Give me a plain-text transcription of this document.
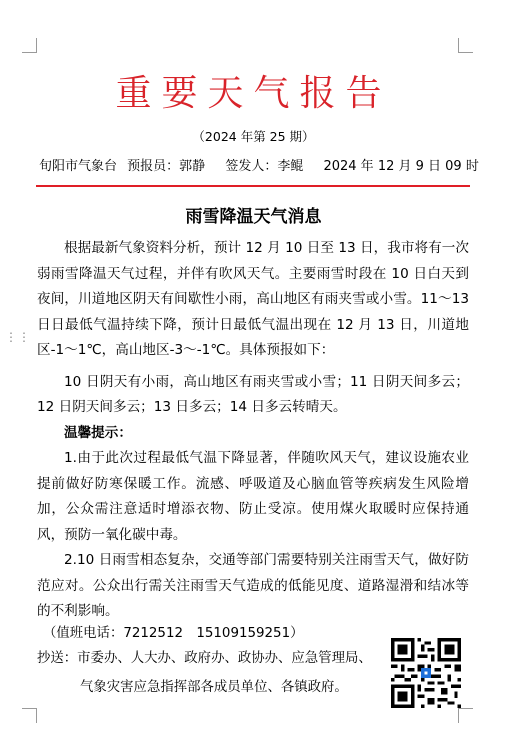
⋮⋮
重要天气报告
（2024 年第 25 期）
旬阳市气象台 预报员：郭静 签发人：李鲲 2024 年 12 月 9 日 09 时
雨雪降温天气消息

根据最新气象资料分析，预计 12 月 10 日至 13 日，我市将有一次弱雨雪降温天气过程，并伴有吹风天气。主要雨雪时段在 10 日白天到夜间，川道地区阴天有间歇性小雨，高山地区有雨夹雪或小雪。11～13 日日最低气温持续下降，预计日最低气温出现在 12 月 13 日，川道地区-1～1℃，高山地区-3～-1℃。具体预报如下：

10 日阴天有小雨，高山地区有雨夹雪或小雪；11 日阴天间多云；12 日阴天间多云；13 日多云；14 日多云转晴天。

温馨提示：

1.由于此次过程最低气温下降显著，伴随吹风天气，建议设施农业提前做好防寒保暖工作。流感、呼吸道及心脑血管等疾病发生风险增加，公众需注意适时增添衣物、防止受凉。使用煤火取暖时应保持通风，预防一氧化碳中毒。

2.10 日雨雪相态复杂，交通等部门需要特别关注雨雪天气，做好防范应对。公众出行需关注雨雪天气造成的低能见度、道路湿滑和结冰等的不利影响。

（值班电话：7212512　15109159251）
抄送：市委办、人大办、政府办、政协办、应急管理局、
气象灾害应急指挥部各成员单位、各镇政府。
